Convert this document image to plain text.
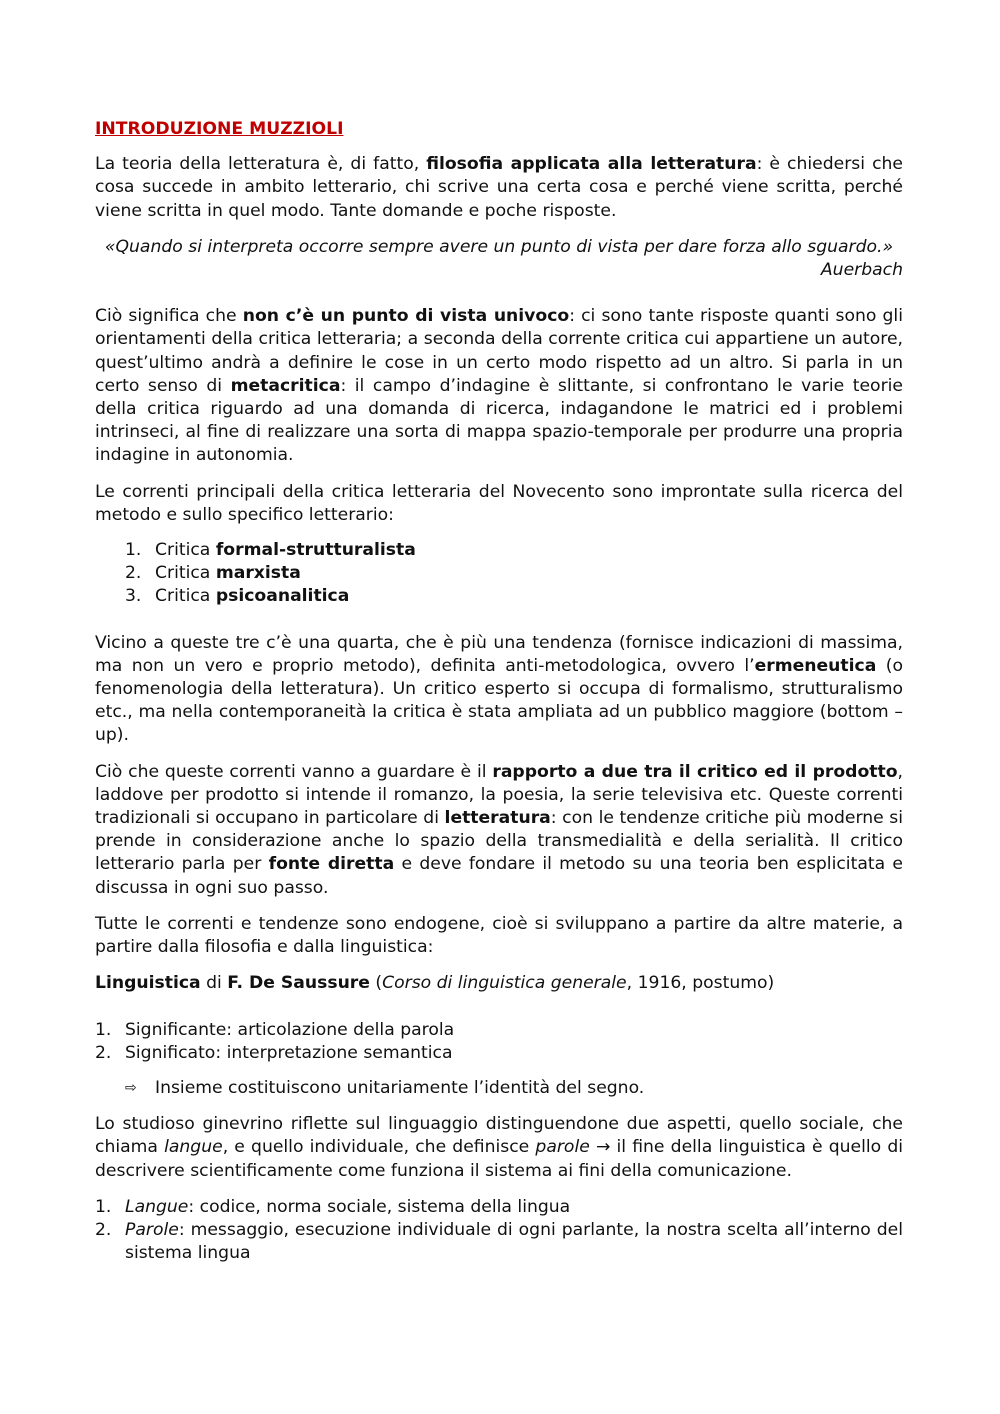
INTRODUZIONE MUZZIOLI

La teoria della letteratura è, di fatto, filosofia applicata alla letteratura: è chiedersi che cosa succede in ambito letterario, chi scrive una certa cosa e perché viene scritta, perché viene scritta in quel modo. Tante domande e poche risposte.

«Quando si interpreta occorre sempre avere un punto di vista per dare forza allo sguardo.»

Auerbach

Ciò significa che non c’è un punto di vista univoco: ci sono tante risposte quanti sono gli orientamenti della critica letteraria; a seconda della corrente critica cui appartiene un autore, quest’ultimo andrà a definire le cose in un certo modo rispetto ad un altro. Si parla in un certo senso di metacritica: il campo d’indagine è slittante, si confrontano le varie teorie della critica riguardo ad una domanda di ricerca, indagandone le matrici ed i problemi intrinseci, al fine di realizzare una sorta di mappa spazio-temporale per produrre una propria indagine in autonomia.

Le correnti principali della critica letteraria del Novecento sono improntate sulla ricerca del metodo e sullo specifico letterario:

1. Critica formal-strutturalista
2. Critica marxista
3. Critica psicoanalitica

Vicino a queste tre c’è una quarta, che è più una tendenza (fornisce indicazioni di massima, ma non un vero e proprio metodo), definita anti-metodologica, ovvero l’ermeneutica (o fenomenologia della letteratura). Un critico esperto si occupa di formalismo, strutturalismo etc., ma nella contemporaneità la critica è stata ampliata ad un pubblico maggiore (bottom – up).

Ciò che queste correnti vanno a guardare è il rapporto a due tra il critico ed il prodotto, laddove per prodotto si intende il romanzo, la poesia, la serie televisiva etc. Queste correnti tradizionali si occupano in particolare di letteratura: con le tendenze critiche più moderne si prende in considerazione anche lo spazio della transmedialità e della serialità. Il critico letterario parla per fonte diretta e deve fondare il metodo su una teoria ben esplicitata e discussa in ogni suo passo.

Tutte le correnti e tendenze sono endogene, cioè si sviluppano a partire da altre materie, a partire dalla filosofia e dalla linguistica:

Linguistica di F. De Saussure (Corso di linguistica generale, 1916, postumo)

1. Significante: articolazione della parola
2. Significato: interpretazione semantica

⇨ Insieme costituiscono unitariamente l’identità del segno.

Lo studioso ginevrino riflette sul linguaggio distinguendone due aspetti, quello sociale, che chiama langue, e quello individuale, che definisce parole → il fine della linguistica è quello di descrivere scientificamente come funziona il sistema ai fini della comunicazione.

1. Langue: codice, norma sociale, sistema della lingua
2. Parole: messaggio, esecuzione individuale di ogni parlante, la nostra scelta all’interno del sistema lingua
